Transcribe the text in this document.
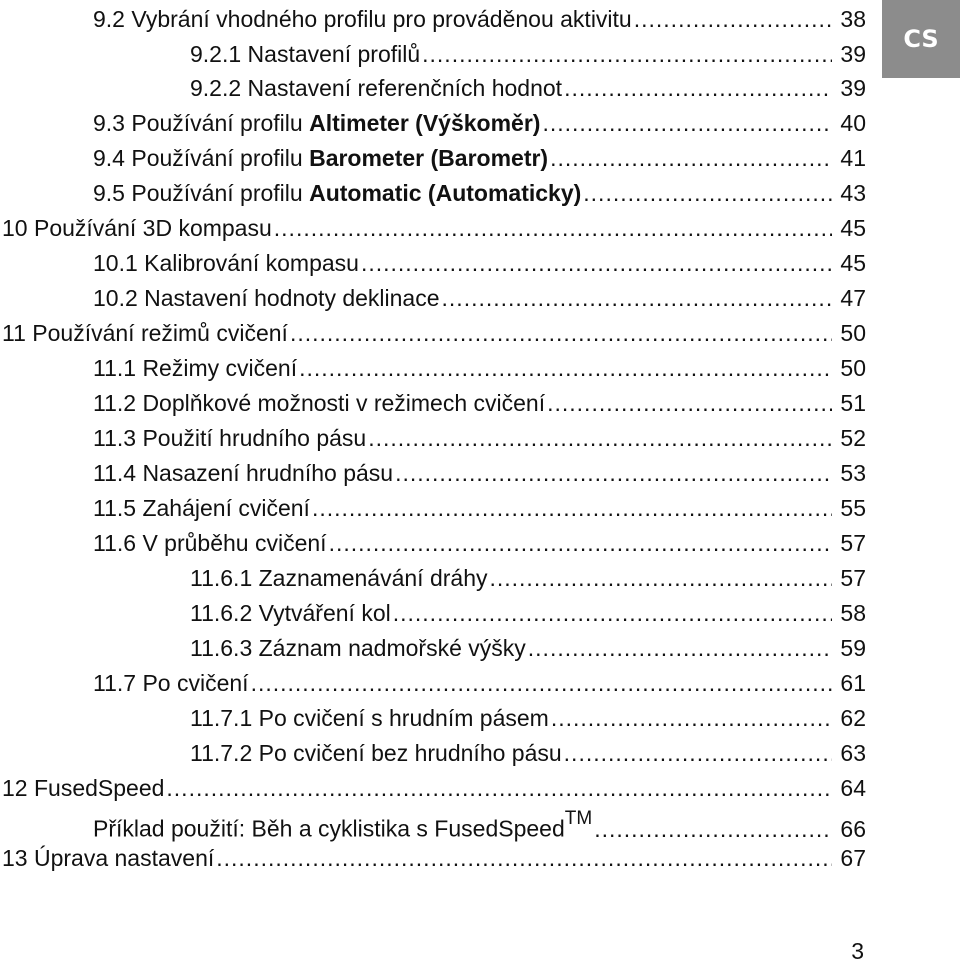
CS
9.2 Vybrání vhodného profilu pro prováděnou aktivitu .....	38
9.2.1 Nastavení profilů .....	39
9.2.2 Nastavení referenčních hodnot .....	39
9.3 Používání profilu Altimeter (Výškoměr) .....	40
9.4 Používání profilu Barometer (Barometr) .....	41
9.5 Používání profilu Automatic (Automaticky) .....	43
10 Používání 3D kompasu .....	45
10.1 Kalibrování kompasu .....	45
10.2 Nastavení hodnoty deklinace .....	47
11 Používání režimů cvičení .....	50
11.1 Režimy cvičení .....	50
11.2 Doplňkové možnosti v režimech cvičení .....	51
11.3 Použití hrudního pásu .....	52
11.4 Nasazení hrudního pásu .....	53
11.5 Zahájení cvičení .....	55
11.6 V průběhu cvičení .....	57
11.6.1 Zaznamenávání dráhy .....	57
11.6.2 Vytváření kol .....	58
11.6.3 Záznam nadmořské výšky .....	59
11.7 Po cvičení .....	61
11.7.1 Po cvičení s hrudním pásem .....	62
11.7.2 Po cvičení bez hrudního pásu .....	63
12 FusedSpeed .....	64
Příklad použití: Běh a cyklistika s FusedSpeed™ .....	66
13 Úprava nastavení .....	67
3
